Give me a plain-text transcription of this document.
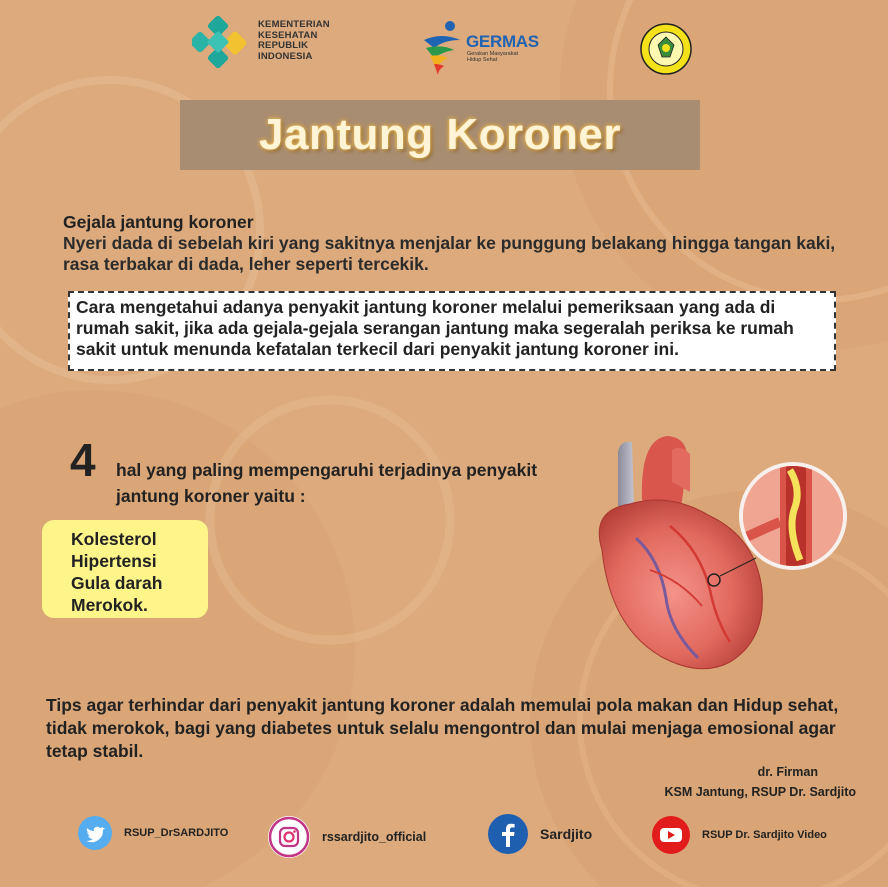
KEMENTERIAN
KESEHATAN
REPUBLIK
INDONESIA
GERMAS
Gerakan Masyarakat
Hidup Sehat
Jantung Koroner
Gejala jantung koroner
Nyeri dada di sebelah kiri yang sakitnya menjalar ke punggung belakang hingga tangan kaki, rasa terbakar di dada, leher seperti tercekik.
Cara mengetahui adanya penyakit jantung koroner melalui pemeriksaan yang ada di rumah sakit, jika ada gejala-gejala serangan jantung maka segeralah periksa ke rumah sakit untuk menunda kefatalan terkecil dari penyakit jantung koroner ini.
4 hal yang paling mempengaruhi terjadinya penyakit
jantung koroner yaitu :
Kolesterol
Hipertensi
Gula darah
Merokok.
Tips agar terhindar dari penyakit jantung koroner adalah memulai pola makan dan Hidup sehat, tidak merokok, bagi yang diabetes untuk selalu mengontrol dan mulai menjaga emosional agar tetap stabil.
dr. Firman
KSM Jantung, RSUP Dr. Sardjito
RSUP_DrSARDJITO	rssardjito_official	Sardjito	RSUP Dr. Sardjito Video
